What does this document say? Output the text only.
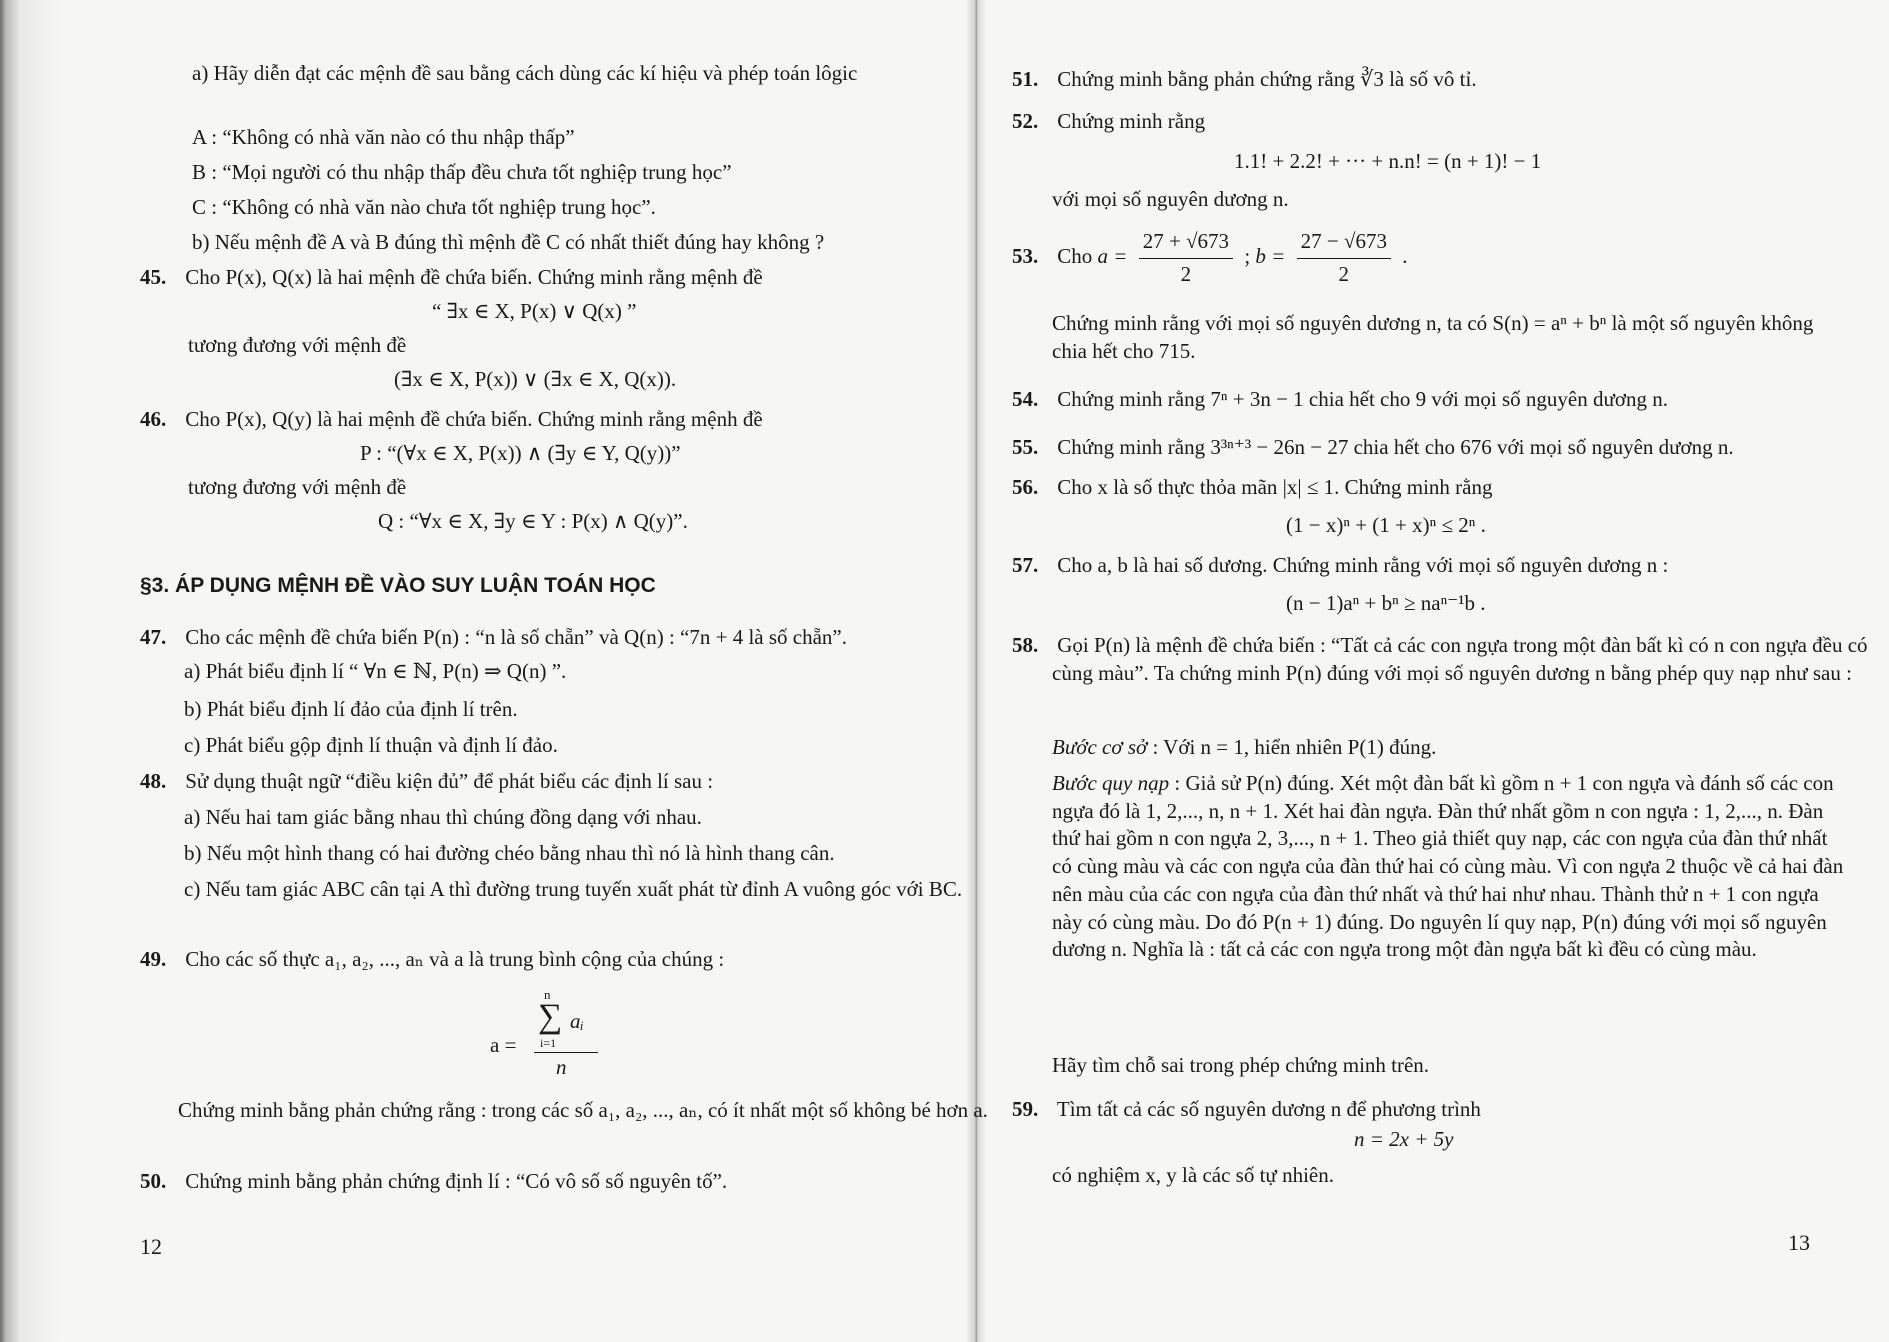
a) Hãy diễn đạt các mệnh đề sau bằng cách dùng các kí hiệu và phép toán lôgic

A : “Không có nhà văn nào có thu nhập thấp”

B : “Mọi người có thu nhập thấp đều chưa tốt nghiệp trung học”

C : “Không có nhà văn nào chưa tốt nghiệp trung học”.

b) Nếu mệnh đề A và B đúng thì mệnh đề C có nhất thiết đúng hay không ?

45. Cho P(x), Q(x) là hai mệnh đề chứa biến. Chứng minh rằng mệnh đề

“ ∃x ∈ X, P(x) ∨ Q(x) ”

tương đương với mệnh đề

(∃x ∈ X, P(x)) ∨ (∃x ∈ X, Q(x)).

46. Cho P(x), Q(y) là hai mệnh đề chứa biến. Chứng minh rằng mệnh đề

P : “(∀x ∈ X, P(x)) ∧ (∃y ∈ Y, Q(y))”

tương đương với mệnh đề

Q : “∀x ∈ X, ∃y ∈ Y : P(x) ∧ Q(y)”.

§3. ÁP DỤNG MỆNH ĐỀ VÀO SUY LUẬN TOÁN HỌC

47. Cho các mệnh đề chứa biến P(n) : “n là số chẵn” và Q(n) : “7n + 4 là số chẵn”.

a) Phát biểu định lí “ ∀n ∈ ℕ, P(n) ⇒ Q(n) ”.

b) Phát biểu định lí đảo của định lí trên.

c) Phát biểu gộp định lí thuận và định lí đảo.

48. Sử dụng thuật ngữ “điều kiện đủ” để phát biểu các định lí sau :

a) Nếu hai tam giác bằng nhau thì chúng đồng dạng với nhau.

b) Nếu một hình thang có hai đường chéo bằng nhau thì nó là hình thang cân.

c) Nếu tam giác ABC cân tại A thì đường trung tuyến xuất phát từ đỉnh A vuông góc với BC.

49. Cho các số thực a₁, a₂, ..., aₙ và a là trung bình cộng của chúng :

a =
n
∑ aᵢ
i=1
n

Chứng minh bằng phản chứng rằng : trong các số a₁, a₂, ..., aₙ, có ít nhất một số không bé hơn a.

50. Chứng minh bằng phản chứng định lí : “Có vô số số nguyên tố”.

12

51. Chứng minh bằng phản chứng rằng ∛3 là số vô tỉ.

52. Chứng minh rằng

1.1! + 2.2! + ··· + n.n! = (n + 1)! − 1

với mọi số nguyên dương n.

53. Cho $a = \frac{27 + √673}{2}$ ; $b = \frac{27 - √673}{2}$ .

Chứng minh rằng với mọi số nguyên dương n, ta có S(n) = aⁿ + bⁿ là một số nguyên không chia hết cho 715.

54. Chứng minh rằng 7ⁿ + 3n − 1 chia hết cho 9 với mọi số nguyên dương n.

55. Chứng minh rằng 3³ⁿ⁺³ − 26n − 27 chia hết cho 676 với mọi số nguyên dương n.

56. Cho x là số thực thỏa mãn |x| ≤ 1. Chứng minh rằng

(1 − x)ⁿ + (1 + x)ⁿ ≤ 2ⁿ .

57. Cho a, b là hai số dương. Chứng minh rằng với mọi số nguyên dương n :

(n − 1)aⁿ + bⁿ ≥ naⁿ⁻¹b .

58. Gọi P(n) là mệnh đề chứa biến : “Tất cả các con ngựa trong một đàn bất kì có n con ngựa đều có cùng màu”. Ta chứng minh P(n) đúng với mọi số nguyên dương n bằng phép quy nạp như sau :

Bước cơ sở : Với n = 1, hiển nhiên P(1) đúng.

Bước quy nạp : Giả sử P(n) đúng. Xét một đàn bất kì gồm n + 1 con ngựa và đánh số các con ngựa đó là 1, 2,..., n, n + 1. Xét hai đàn ngựa. Đàn thứ nhất gồm n con ngựa : 1, 2,..., n. Đàn thứ hai gồm n con ngựa 2, 3,..., n + 1. Theo giả thiết quy nạp, các con ngựa của đàn thứ nhất có cùng màu và các con ngựa của đàn thứ hai có cùng màu. Vì con ngựa 2 thuộc về cả hai đàn nên màu của các con ngựa của đàn thứ nhất và thứ hai như nhau. Thành thử n + 1 con ngựa này có cùng màu. Do đó P(n + 1) đúng. Do nguyên lí quy nạp, P(n) đúng với mọi số nguyên dương n. Nghĩa là : tất cả các con ngựa trong một đàn ngựa bất kì đều có cùng màu.

Hãy tìm chỗ sai trong phép chứng minh trên.

59. Tìm tất cả các số nguyên dương n để phương trình

n = 2x + 5y

có nghiệm x, y là các số tự nhiên.

13
